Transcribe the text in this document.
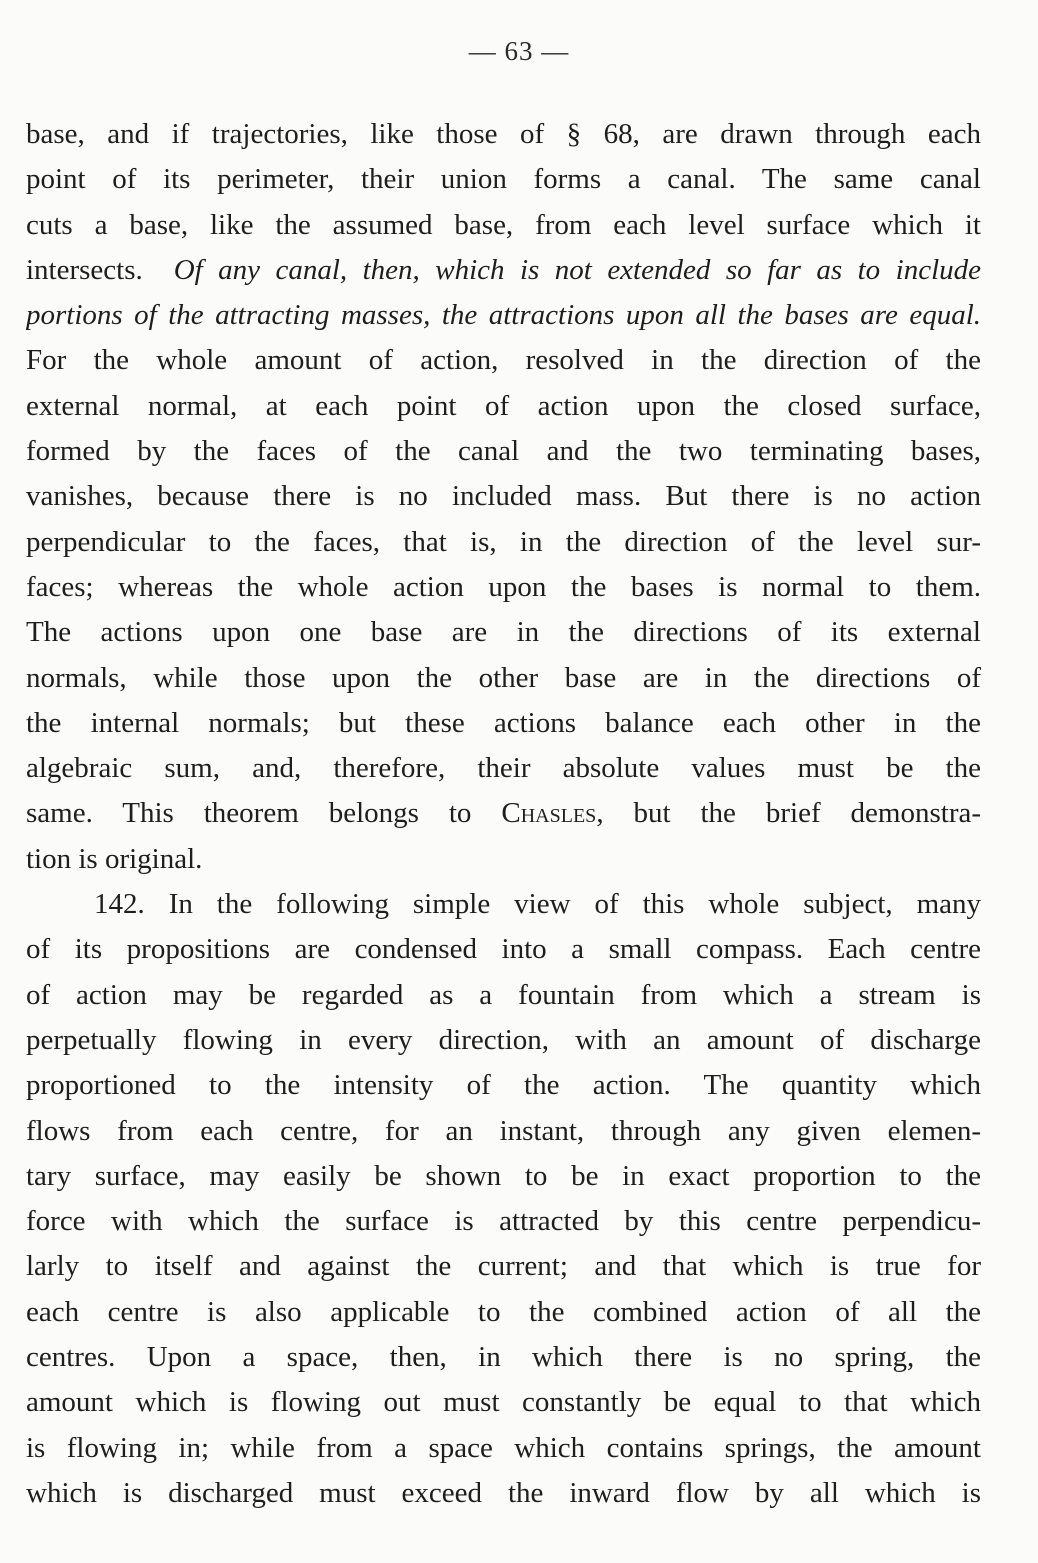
— 63 —
base, and if trajectories, like those of § 68, are drawn through each
point of its perimeter, their union forms a canal. The same canal
cuts a base, like the assumed base, from each level surface which it
intersects. Of any canal, then, which is not extended so far as to include
portions of the attracting masses, the attractions upon all the bases are equal.
For the whole amount of action, resolved in the direction of the
external normal, at each point of action upon the closed surface,
formed by the faces of the canal and the two terminating bases,
vanishes, because there is no included mass. But there is no action
perpendicular to the faces, that is, in the direction of the level sur-
faces; whereas the whole action upon the bases is normal to them.
The actions upon one base are in the directions of its external
normals, while those upon the other base are in the directions of
the internal normals; but these actions balance each other in the
algebraic sum, and, therefore, their absolute values must be the
same. This theorem belongs to Chasles, but the brief demonstra-
tion is original.
142. In the following simple view of this whole subject, many
of its propositions are condensed into a small compass. Each centre
of action may be regarded as a fountain from which a stream is
perpetually flowing in every direction, with an amount of discharge
proportioned to the intensity of the action. The quantity which
flows from each centre, for an instant, through any given elemen-
tary surface, may easily be shown to be in exact proportion to the
force with which the surface is attracted by this centre perpendicu-
larly to itself and against the current; and that which is true for
each centre is also applicable to the combined action of all the
centres. Upon a space, then, in which there is no spring, the
amount which is flowing out must constantly be equal to that which
is flowing in; while from a space which contains springs, the amount
which is discharged must exceed the inward flow by all which is
